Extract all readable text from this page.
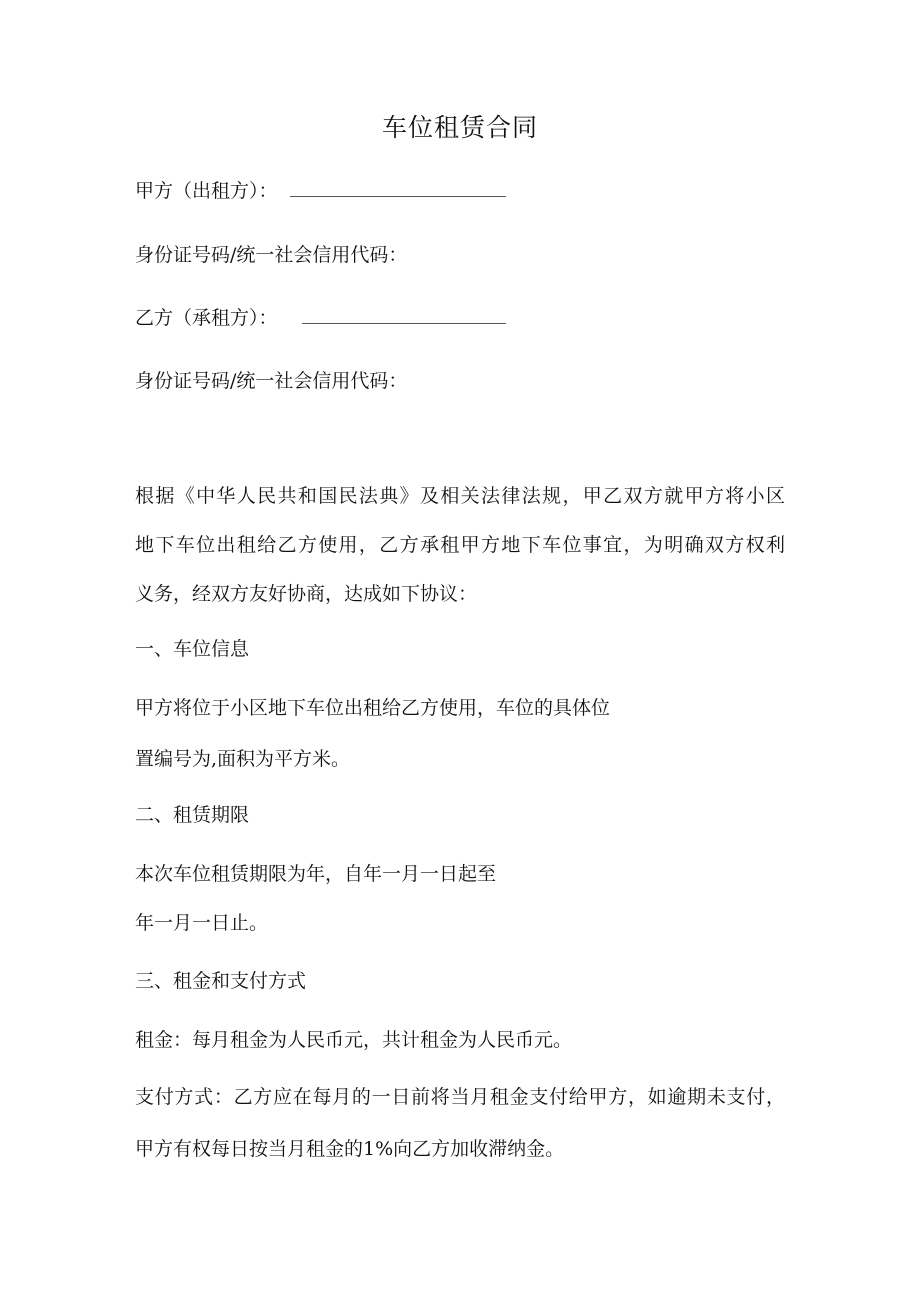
车位租赁合同

甲方（出租方）：

身份证号码/统一社会信用代码：

乙方（承租方）：

身份证号码/统一社会信用代码：

根据《中华人民共和国民法典》及相关法律法规，甲乙双方就甲方将小区

地下车位出租给乙方使用，乙方承租甲方地下车位事宜，为明确双方权利

义务，经双方友好协商，达成如下协议：

一、车位信息

甲方将位于小区地下车位出租给乙方使用，车位的具体位

置编号为,面积为平方米。

二、租赁期限

本次车位租赁期限为年，自年一月一日起至

年一月一日止。

三、租金和支付方式

租金：每月租金为人民币元，共计租金为人民币元。

支付方式：乙方应在每月的一日前将当月租金支付给甲方，如逾期未支付，

甲方有权每日按当月租金的1%向乙方加收滞纳金。
